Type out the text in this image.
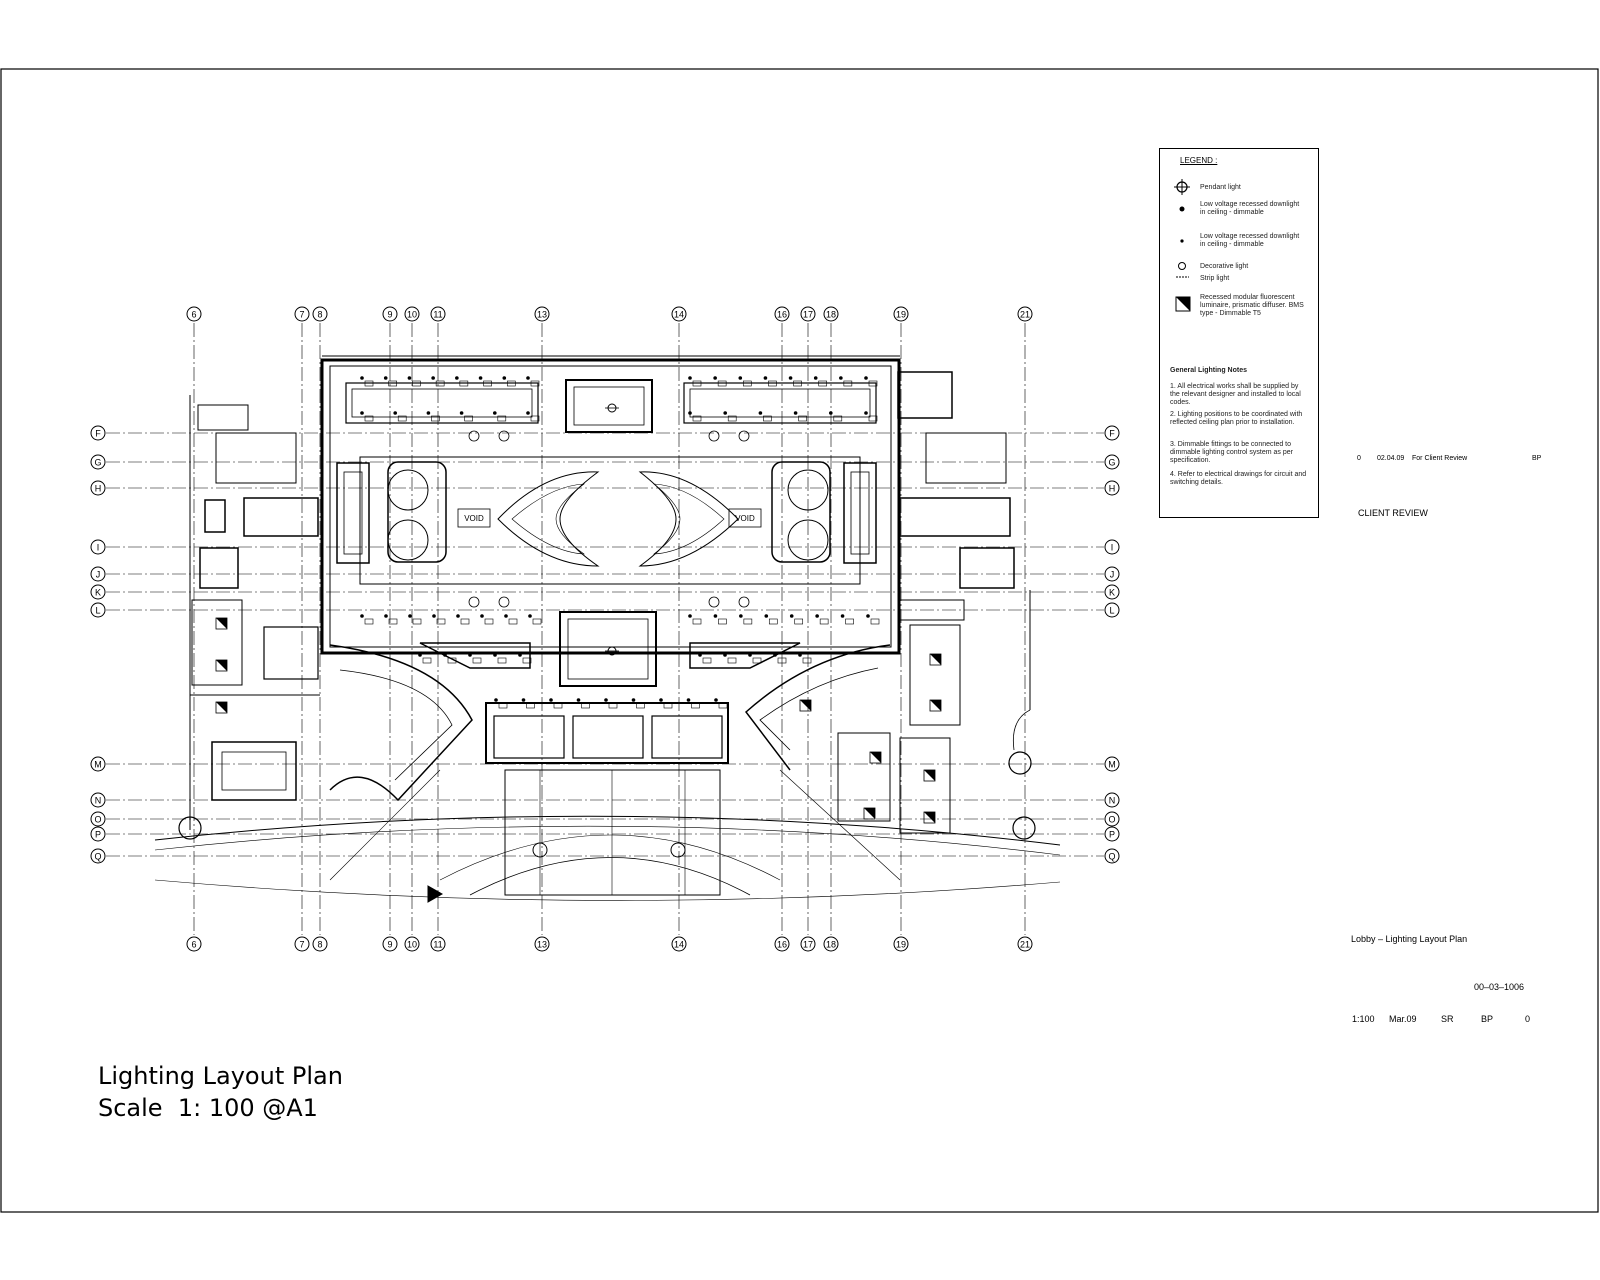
6
6
7
7
8
8
9
9
10
10
11
11
13
13
14
14
16
16
17
17
18
18
19
19
21
21
F	F
G	G
H	H
I	I
J	J
K	K
L	L
M	M
N	N
O	O
P	P
Q	Q
VOID	VOID
LEGEND :
Pendant light
Low voltage recessed downlight in ceiling - dimmable
Low voltage recessed downlight in ceiling - dimmable
Decorative light
Strip light
Recessed modular fluorescent luminaire, prismatic diffuser. BMS type - Dimmable T5
General Lighting Notes
1. All electrical works shall be supplied by the relevant designer and installed to local codes.
2. Lighting positions to be coordinated with reflected ceiling plan prior to installation.
3. Dimmable fittings to be connected to dimmable lighting control system as per specification.
4. Refer to electrical drawings for circuit and switching details.
0 02.04.09 For Client Review	BP
CLIENT REVIEW
Lobby – Lighting Layout Plan
00–03–1006
1:100 Mar.09	SR	BP	0
Lighting Layout Plan
Scale  1: 100 @A1
